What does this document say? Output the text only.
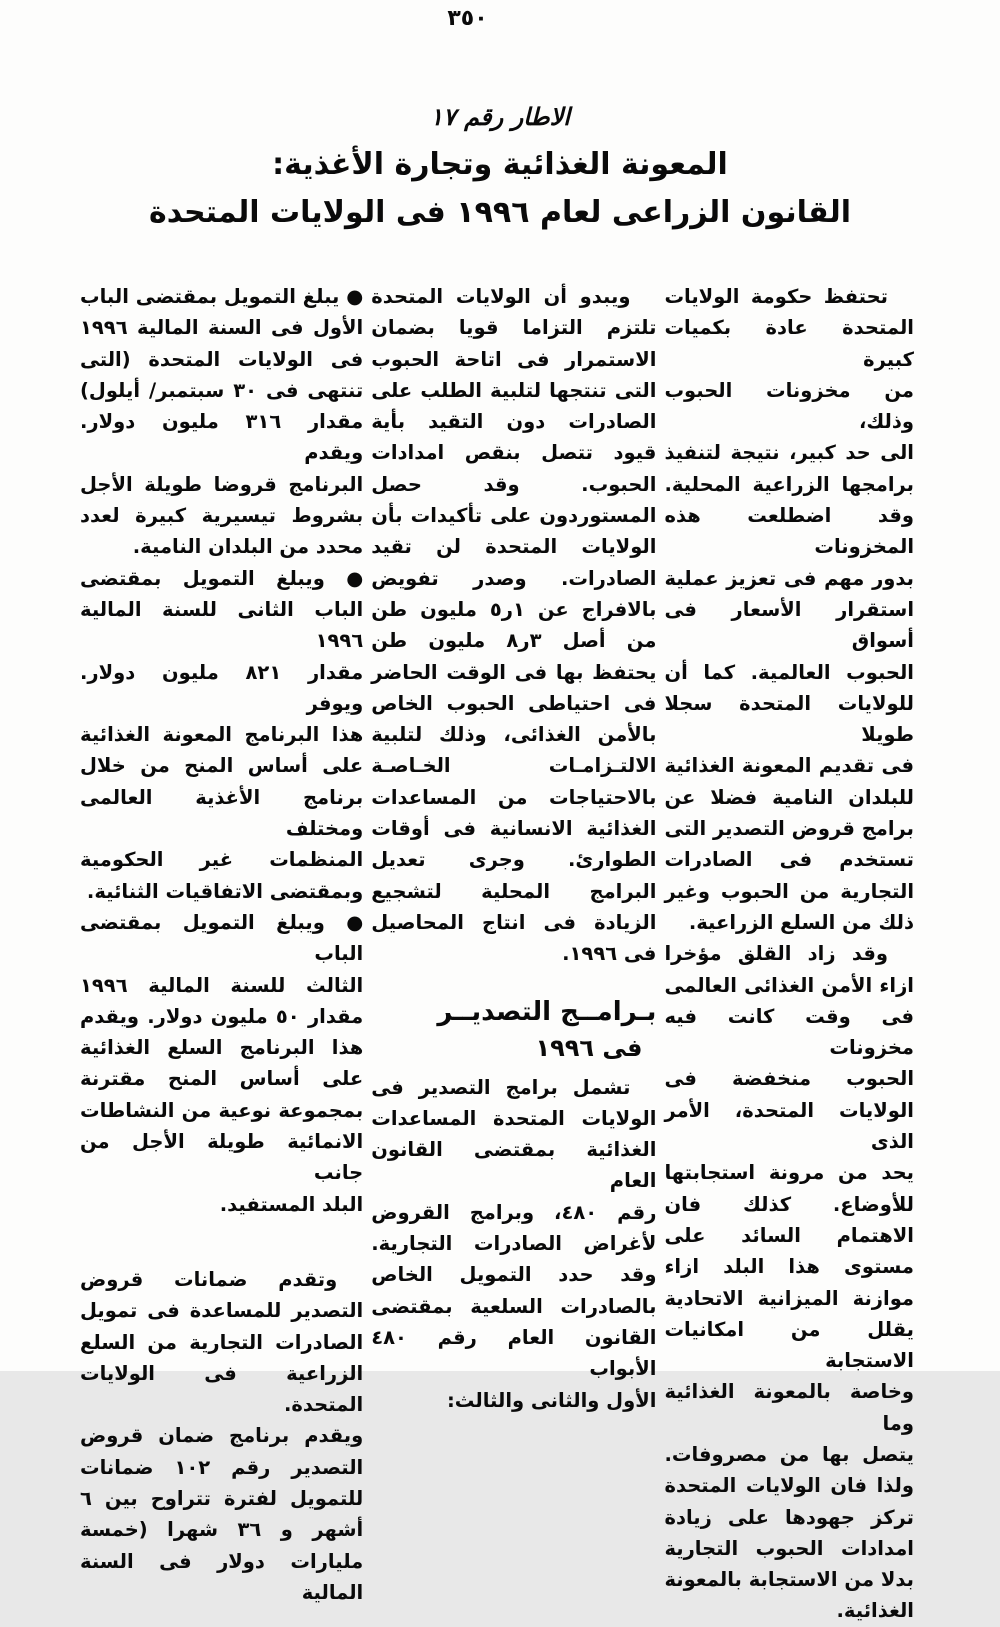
٣٥٠
الاطار رقم ١٧
المعونة الغذائية وتجارة الأغذية:
القانون الزراعى لعام ١٩٩٦ فى الولايات المتحدة
تحتفظ حكومة الولايات
المتحدة عادة بكميات كبيرة
من مخزونات الحبوب وذلك،
الى حد كبير، نتيجة لتنفيذ
برامجها الزراعية المحلية.
وقد اضطلعت هذه المخزونات
بدور مهم فى تعزيز عملية
استقرار الأسعار فى أسواق
الحبوب العالمية. كما أن
للولايات المتحدة سجلا طويلا
فى تقديم المعونة الغذائية
للبلدان النامية فضلا عن
برامج قروض التصدير التى
تستخدم فى الصادرات
التجارية من الحبوب وغير
ذلك من السلع الزراعية.
وقد زاد القلق مؤخرا
ازاء الأمن الغذائى العالمى
فى وقت كانت فيه مخزونات
الحبوب منخفضة فى
الولايات المتحدة، الأمر الذى
يحد من مرونة استجابتها
للأوضاع. كذلك فان
الاهتمام السائد على
مستوى هذا البلد ازاء
موازنة الميزانية الاتحادية
يقلل من امكانيات الاستجابة
وخاصة بالمعونة الغذائية وما
يتصل بها من مصروفات.
ولذا فان الولايات المتحدة
تركز جهودها على زيادة
امدادات الحبوب التجارية
بدلا من الاستجابة بالمعونة
الغذائية.
ويبدو أن الولايات المتحدة
تلتزم التزاما قويا بضمان
الاستمرار فى اتاحة الحبوب
التى تنتجها لتلبية الطلب على
الصادرات دون التقيد بأية
قيود تتصل بنقص امدادات
الحبوب. وقد حصل
المستوردون على تأكيدات بأن
الولايات المتحدة لن تقيد
الصادرات. وصدر تفويض
بالافراج عن ١ر٥ مليون طن
من أصل ٣ر٨ مليون طن
يحتفظ بها فى الوقت الحاضر
فى احتياطى الحبوب الخاص
بالأمن الغذائى، وذلك لتلبية
الالتـزامـات الخـاصـة
بالاحتياجات من المساعدات
الغذائية الانسانية فى أوقات
الطوارئ. وجرى تعديل
البرامج المحلية لتشجيع
الزيادة فى انتاج المحاصيل
فى ١٩٩٦.
بـرامــج التصديــر
فى ١٩٩٦
تشمل برامج التصدير فى
الولايات المتحدة المساعدات
الغذائية بمقتضى القانون العام
رقم ٤٨٠، وبرامج القروض
لأغراض الصادرات التجارية.
وقد حدد التمويل الخاص
بالصادرات السلعية بمقتضى
القانون العام رقم ٤٨٠ الأبواب
الأول والثانى والثالث:
● يبلغ التمويل بمقتضى الباب
الأول فى السنة المالية ١٩٩٦
فى الولايات المتحدة (التى
تنتهى فى ٣٠ سبتمبر/ أيلول)
مقدار ٣١٦ مليون دولار. ويقدم
البرنامج قروضا طويلة الأجل
بشروط تيسيرية كبيرة لعدد
محدد من البلدان النامية.
● ويبلغ التمويل بمقتضى
الباب الثانى للسنة المالية ١٩٩٦
مقدار ٨٢١ مليون دولار. ويوفر
هذا البرنامج المعونة الغذائية
على أساس المنح من خلال
برنامج الأغذية العالمى ومختلف
المنظمات غير الحكومية
وبمقتضى الاتفاقيات الثنائية.
● ويبلغ التمويل بمقتضى الباب
الثالث للسنة المالية ١٩٩٦
مقدار ٥٠ مليون دولار. ويقدم
هذا البرنامج السلع الغذائية
على أساس المنح مقترنة
بمجموعة نوعية من النشاطات
الانمائية طويلة الأجل من جانب
البلد المستفيد.
وتقدم ضمانات قروض
التصدير للمساعدة فى تمويل
الصادرات التجارية من السلع
الزراعية فى الولايات المتحدة.
ويقدم برنامج ضمان قروض
التصدير رقم ١٠٢ ضمانات
للتمويل لفترة تتراوح بين ٦
أشهر و ٣٦ شهرا (خمسة
مليارات دولار فى السنة المالية
